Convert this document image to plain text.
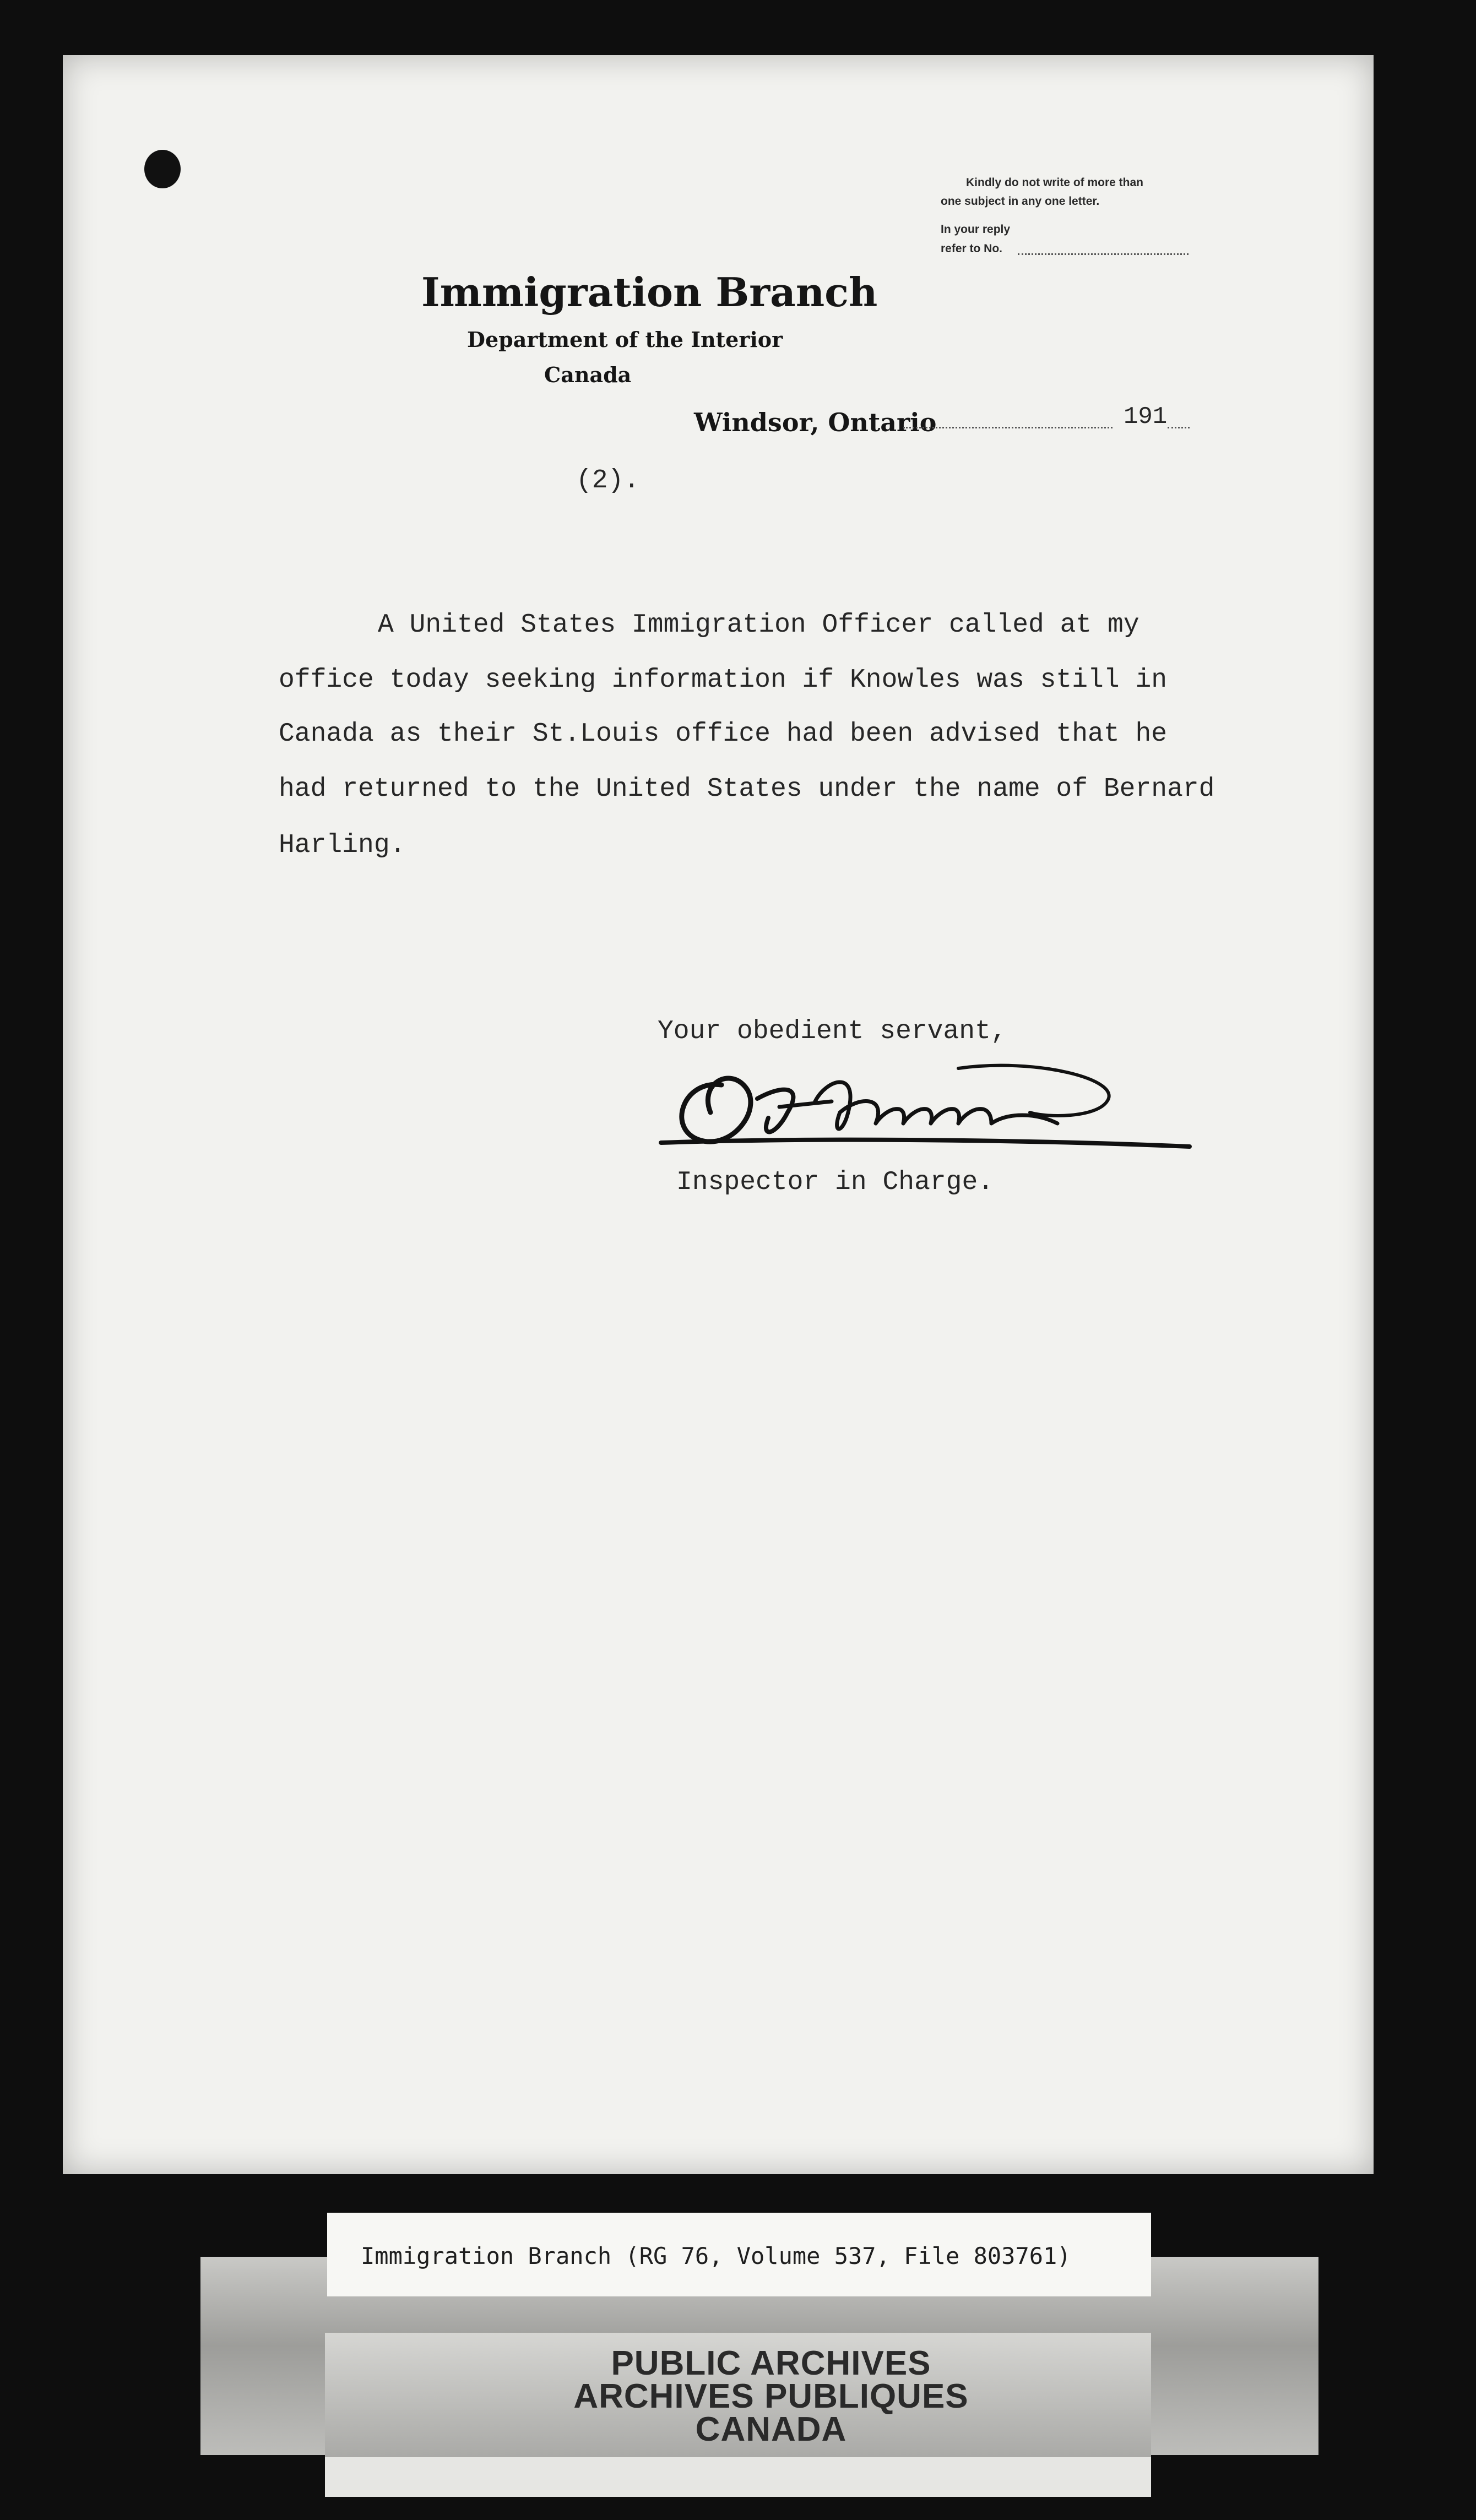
Kindly do not write of more than
one subject in any one letter.
In your reply
refer to No.
Immigration Branch
Department of the Interior
Canada
Windsor, Ontario	191
(2).
A United States Immigration Officer called at my
office today seeking information if Knowles was still in
Canada as their St.Louis office had been advised that he
had returned to the United States under the name of Bernard
Harling.
Your obedient servant,
Inspector in Charge.
Immigration Branch (RG 76, Volume 537, File 803761)
PUBLIC ARCHIVES
ARCHIVES PUBLIQUES
CANADA
